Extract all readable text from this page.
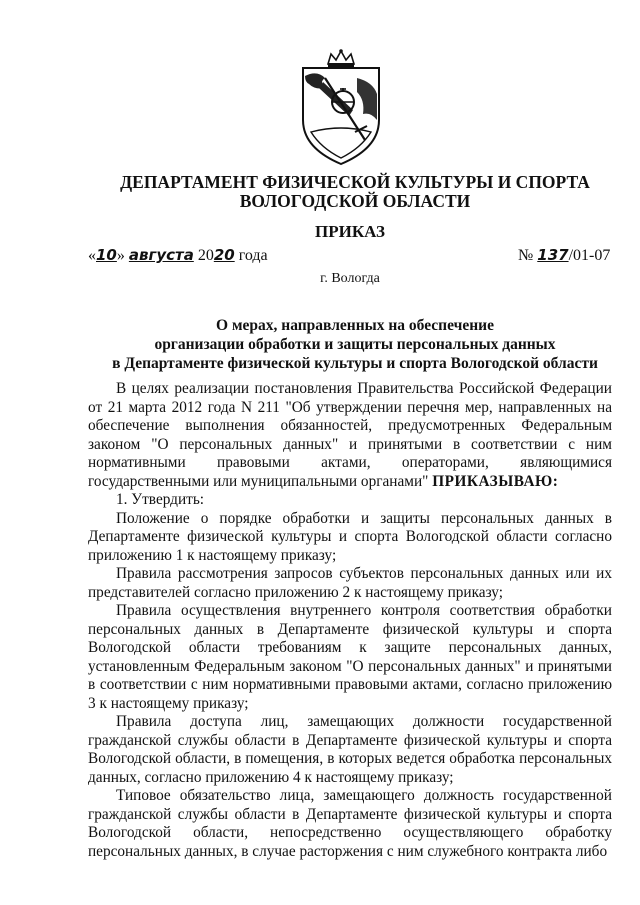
ДЕПАРТАМЕНТ ФИЗИЧЕСКОЙ КУЛЬТУРЫ И СПОРТА
ВОЛОГОДСКОЙ ОБЛАСТИ
ПРИКАЗ
«10» августа 2020 года	№ 137/01-07
г. Вологда
О мерах, направленных на обеспечение
организации обработки и защиты персональных данных
в Департаменте физической культуры и спорта Вологодской области

В целях реализации постановления Правительства Российской Федерации от 21 марта 2012 года N 211 "Об утверждении перечня мер, направленных на обеспечение выполнения обязанностей, предусмотренных Федеральным законом "О персональных данных" и принятыми в соответствии с ним нормативными правовыми актами, операторами, являющимися государственными или муниципальными органами" ПРИКАЗЫВАЮ:

1. Утвердить:

Положение о порядке обработки и защиты персональных данных в Департаменте физической культуры и спорта Вологодской области согласно приложению 1 к настоящему приказу;

Правила рассмотрения запросов субъектов персональных данных или их представителей согласно приложению 2 к настоящему приказу;

Правила осуществления внутреннего контроля соответствия обработки персональных данных в Департаменте физической культуры и спорта Вологодской области требованиям к защите персональных данных, установленным Федеральным законом "О персональных данных" и принятыми в соответствии с ним нормативными правовыми актами, согласно приложению 3 к настоящему приказу;

Правила доступа лиц, замещающих должности государственной гражданской службы области в Департаменте физической культуры и спорта Вологодской области, в помещения, в которых ведется обработка персональных данных, согласно приложению 4 к настоящему приказу;

Типовое обязательство лица, замещающего должность государственной гражданской службы области в Департаменте физической культуры и спорта Вологодской области, непосредственно осуществляющего обработку персональных данных, в случае расторжения с ним служебного контракта либо
